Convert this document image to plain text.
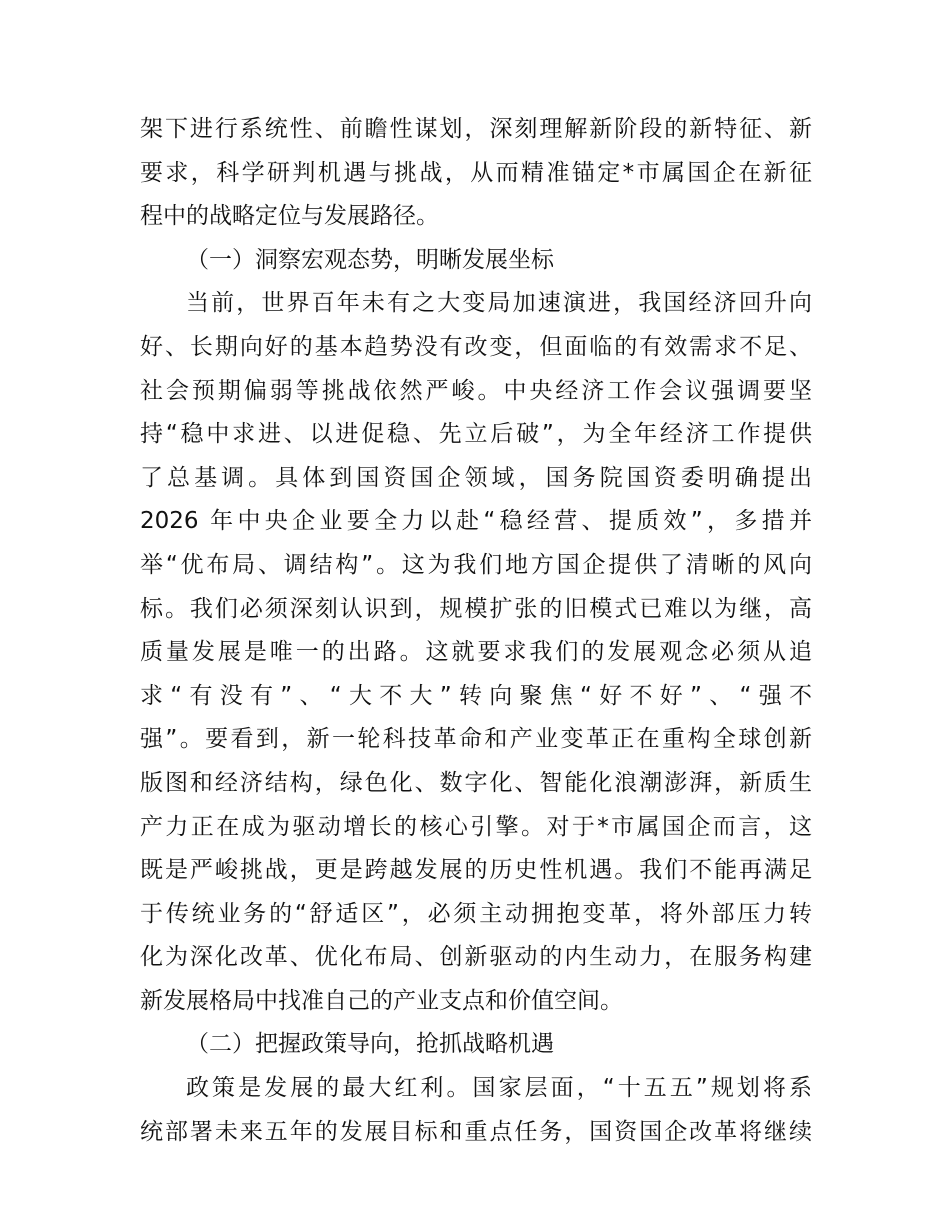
架下进行系统性、前瞻性谋划，深刻理解新阶段的新特征、新
要求，科学研判机遇与挑战，从而精准锚定*市属国企在新征
程中的战略定位与发展路径。
（一）洞察宏观态势，明晰发展坐标
当前，世界百年未有之大变局加速演进，我国经济回升向
好、长期向好的基本趋势没有改变，但面临的有效需求不足、
社会预期偏弱等挑战依然严峻。中央经济工作会议强调要坚
持“稳中求进、以进促稳、先立后破”，为全年经济工作提供
了总基调。具体到国资国企领域，国务院国资委明确提出
2026 年中央企业要全力以赴“稳经营、提质效”，多措并
举“优布局、调结构”。这为我们地方国企提供了清晰的风向
标。我们必须深刻认识到，规模扩张的旧模式已难以为继，高
质量发展是唯一的出路。这就要求我们的发展观念必须从追
求“有没有”、“大不大”转向聚焦“好不好”、“强不
强”。要看到，新一轮科技革命和产业变革正在重构全球创新
版图和经济结构，绿色化、数字化、智能化浪潮澎湃，新质生
产力正在成为驱动增长的核心引擎。对于*市属国企而言，这
既是严峻挑战，更是跨越发展的历史性机遇。我们不能再满足
于传统业务的“舒适区”，必须主动拥抱变革，将外部压力转
化为深化改革、优化布局、创新驱动的内生动力，在服务构建
新发展格局中找准自己的产业支点和价值空间。
（二）把握政策导向，抢抓战略机遇
政策是发展的最大红利。国家层面，“十五五”规划将系
统部署未来五年的发展目标和重点任务，国资国企改革将继续
